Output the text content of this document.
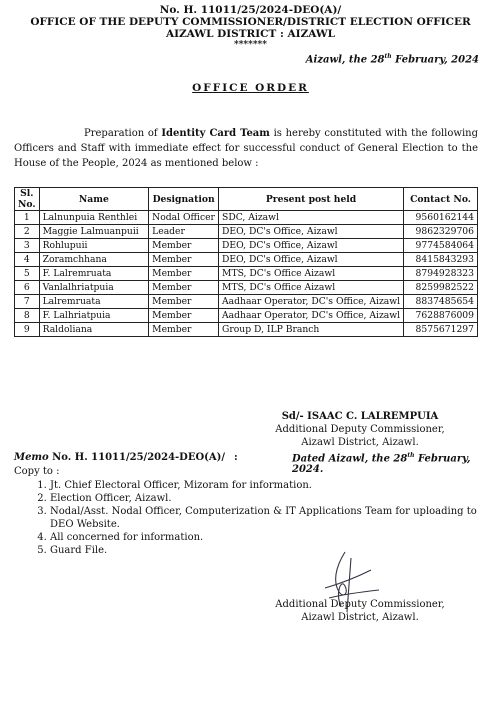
No. H. 11011/25/2024-DEO(A)/
OFFICE OF THE DEPUTY COMMISSIONER/DISTRICT ELECTION OFFICER
AIZAWL DISTRICT : AIZAWL
*******
Aizawl, the 28th February, 2024
OFFICE ORDER
Preparation of Identity Card Team is hereby constituted with the following Officers and Staff with immediate effect for successful conduct of General Election to the House of the People, 2024 as mentioned below :
Sl. No.	Name	Designation	Present post held	Contact No.
1	Lalnunpuia Renthlei	Nodal Officer	SDC, Aizawl	9560162144
2	Maggie Lalmuanpuii	Leader	DEO, DC's Office, Aizawl	9862329706
3	Rohlupuii	Member	DEO, DC's Office, Aizawl	9774584064
4	Zoramchhana	Member	DEO, DC's Office, Aizawl	8415843293
5	F. Lalremruata	Member	MTS, DC's Office Aizawl	8794928323
6	Vanlalhriatpuia	Member	MTS, DC's Office Aizawl	8259982522
7	Lalremruata	Member	Aadhaar Operator, DC's Office, Aizawl	8837485654
8	F. Lalhriatpuia	Member	Aadhaar Operator, DC's Office, Aizawl	7628876009
9	Raldoliana	Member	Group D, ILP Branch	8575671297
Sd/- ISAAC C. LALREMPUIA
Additional Deputy Commissioner,
Aizawl District, Aizawl.
Memo No. H. 11011/25/2024-DEO(A)/ :	Dated Aizawl, the 28th February, 2024.
Copy to :
1. Jt. Chief Electoral Officer, Mizoram for information.
2. Election Officer, Aizawl.
3. Nodal/Asst. Nodal Officer, Computerization & IT Applications Team for uploading to DEO Website.
4. All concerned for information.
5. Guard File.
Additional Deputy Commissioner,
Aizawl District, Aizawl.
